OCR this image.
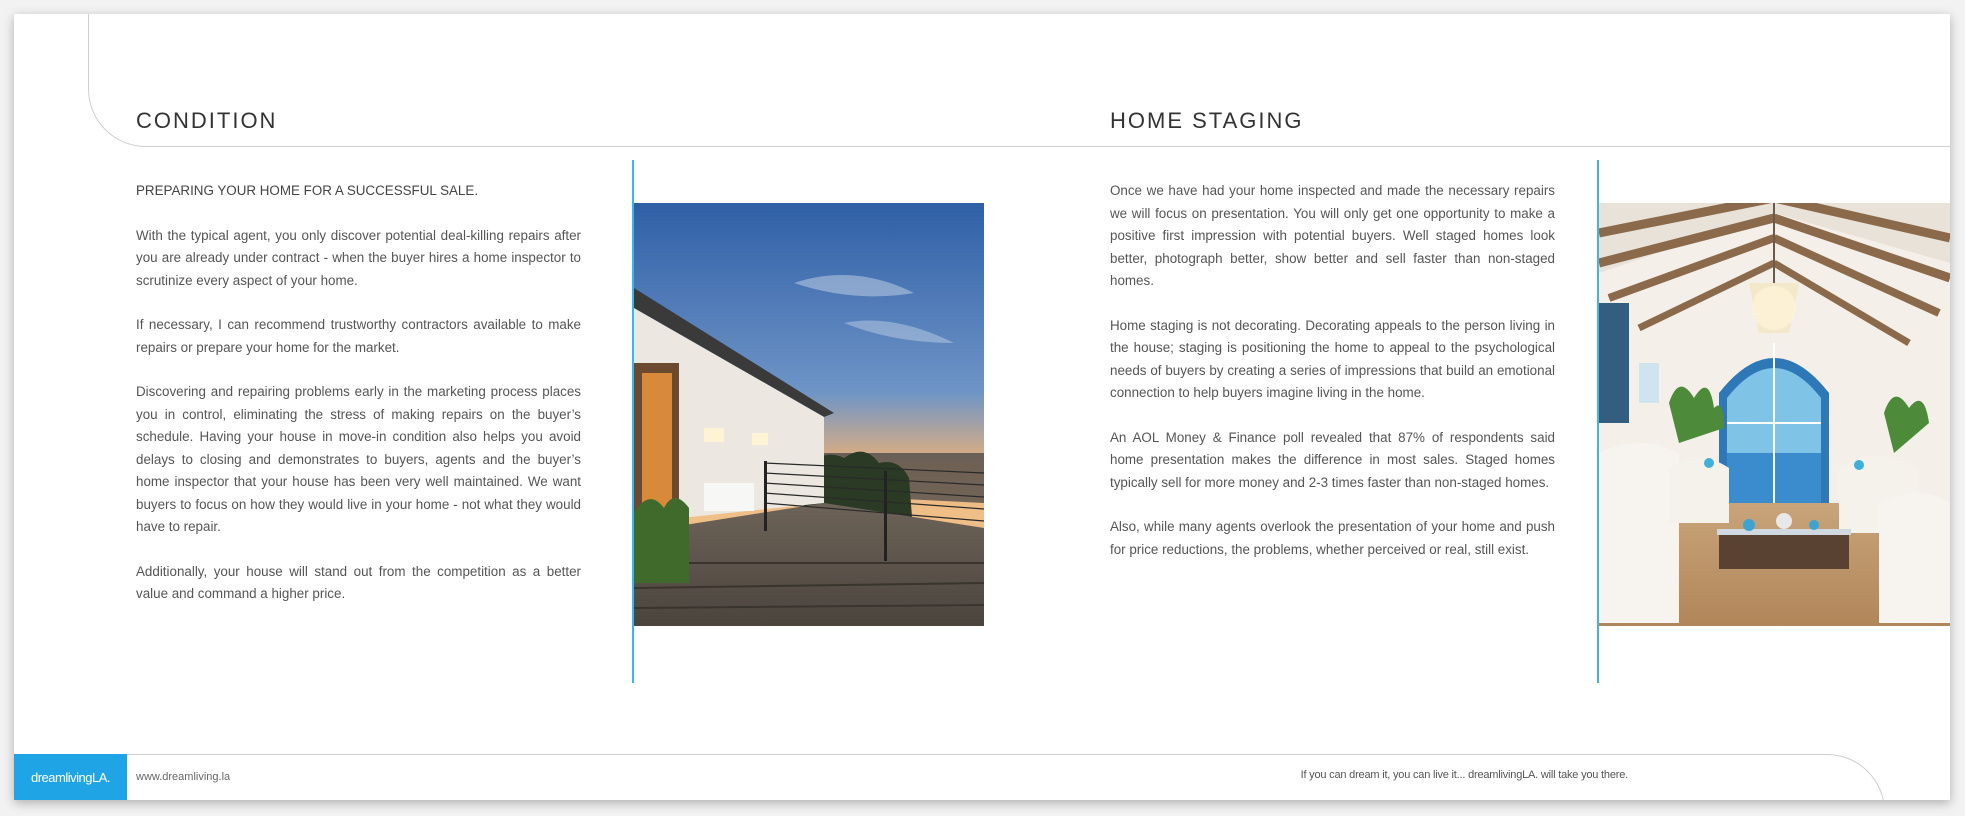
CONDITION	HOME STAGING

PREPARING YOUR HOME FOR A SUCCESSFUL SALE.

With the typical agent, you only discover potential deal-killing repairs after you are already under contract - when the buyer hires a home inspector to scrutinize every aspect of your home.

If necessary, I can recommend trustworthy contractors available to make repairs or prepare your home for the market.

Discovering and repairing problems early in the marketing process places you in control, eliminating the stress of making repairs on the buyer’s schedule. Having your house in move-in condition also helps you avoid delays to closing and demonstrates to buyers, agents and the buyer’s home inspector that your house has been very well maintained. We want buyers to focus on how they would live in your home - not what they would have to repair.

Additionally, your house will stand out from the competition as a better value and command a higher price.

Once we have had your home inspected and made the necessary repairs we will focus on presentation. You will only get one opportunity to make a positive first impression with potential buyers. Well staged homes look better, photograph better, show better and sell faster than non-staged homes.

Home staging is not decorating. Decorating appeals to the person living in the house; staging is positioning the home to appeal to the psychological needs of buyers by creating a series of impressions that build an emotional connection to help buyers imagine living in the home.

An AOL Money & Finance poll revealed that 87% of respondents said home presentation makes the difference in most sales. Staged homes typically sell for more money and 2-3 times faster than non-staged homes.

Also, while many agents overlook the presentation of your home and push for price reductions, the problems, whether perceived or real, still exist.

dreamlivingLA.	www.dreamliving.la	If you can dream it, you can live it... dreamlivingLA. will take you there.
